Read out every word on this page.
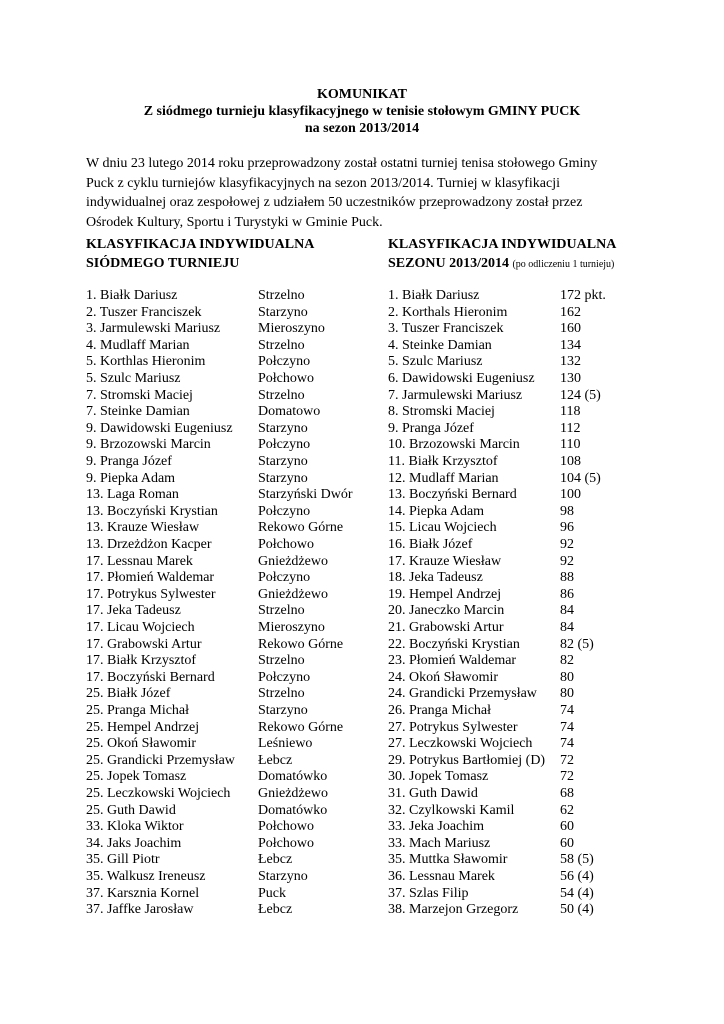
KOMUNIKAT
Z siódmego turnieju klasyfikacyjnego w tenisie stołowym GMINY PUCK
na sezon 2013/2014
W dniu 23 lutego 2014 roku przeprowadzony został ostatni turniej tenisa stołowego Gminy
Puck z cyklu turniejów klasyfikacyjnych na sezon 2013/2014. Turniej w klasyfikacji
indywidualnej oraz zespołowej z udziałem 50 uczestników przeprowadzony został przez
Ośrodek Kultury, Sportu i Turystyki w Gminie Puck.
KLASYFIKACJA INDYWIDUALNA
SIÓDMEGO TURNIEJU
KLASYFIKACJA INDYWIDUALNA
SEZONU 2013/2014 (po odliczeniu 1 turnieju)
1. Białk Dariusz	Strzelno
2. Tuszer Franciszek	Starzyno
3. Jarmulewski Mariusz	Mieroszyno
4. Mudlaff Marian	Strzelno
5. Korthlas Hieronim	Połczyno
5. Szulc Mariusz	Połchowo
7. Stromski Maciej	Strzelno
7. Steinke Damian	Domatowo
9. Dawidowski Eugeniusz Starzyno
9. Brzozowski Marcin	Połczyno
9. Pranga Józef	Starzyno
9. Piepka Adam	Starzyno
13. Laga Roman	Starzyński Dwór
13. Boczyński Krystian	Połczyno
13. Krauze Wiesław	Rekowo Górne
13. Drzeżdżon Kacper	Połchowo
17. Lessnau Marek	Gnieżdżewo
17. Płomień Waldemar	Połczyno
17. Potrykus Sylwester	Gnieżdżewo
17. Jeka Tadeusz	Strzelno
17. Licau Wojciech	Mieroszyno
17. Grabowski Artur	Rekowo Górne
17. Białk Krzysztof	Strzelno
17. Boczyński Bernard	Połczyno
25. Białk Józef	Strzelno
25. Pranga Michał	Starzyno
25. Hempel Andrzej	Rekowo Górne
25. Okoń Sławomir	Leśniewo
25. Grandicki Przemysław Łebcz
25. Jopek Tomasz	Domatówko
25. Leczkowski Wojciech Gnieżdżewo
25. Guth Dawid	Domatówko
33. Kloka Wiktor	Połchowo
34. Jaks Joachim	Połchowo
35. Gill Piotr	Łebcz
35. Walkusz Ireneusz	Starzyno
37. Karsznia Kornel	Puck
37. Jaffke Jarosław	Łebcz
1. Białk Dariusz	172 pkt.
2. Korthals Hieronim	162
3. Tuszer Franciszek	160
4. Steinke Damian	134
5. Szulc Mariusz	132
6. Dawidowski Eugeniusz 130
7. Jarmulewski Mariusz	124 (5)
8. Stromski Maciej	118
9. Pranga Józef	112
10. Brzozowski Marcin	110
11. Białk Krzysztof	108
12. Mudlaff Marian	104 (5)
13. Boczyński Bernard	100
14. Piepka Adam	98
15. Licau Wojciech	96
16. Białk Józef	92
17. Krauze Wiesław	92
18. Jeka Tadeusz	88
19. Hempel Andrzej	86
20. Janeczko Marcin	84
21. Grabowski Artur	84
22. Boczyński Krystian	82 (5)
23. Płomień Waldemar	82
24. Okoń Sławomir	80
24. Grandicki Przemysław 80
26. Pranga Michał	74
27. Potrykus Sylwester	74
27. Leczkowski Wojciech 74
29. Potrykus Bartłomiej (D) 72
30. Jopek Tomasz	72
31. Guth Dawid	68
32. Czylkowski Kamil	62
33. Jeka Joachim	60
33. Mach Mariusz	60
35. Muttka Sławomir	58 (5)
36. Lessnau Marek	56 (4)
37. Szlas Filip	54 (4)
38. Marzejon Grzegorz	50 (4)
